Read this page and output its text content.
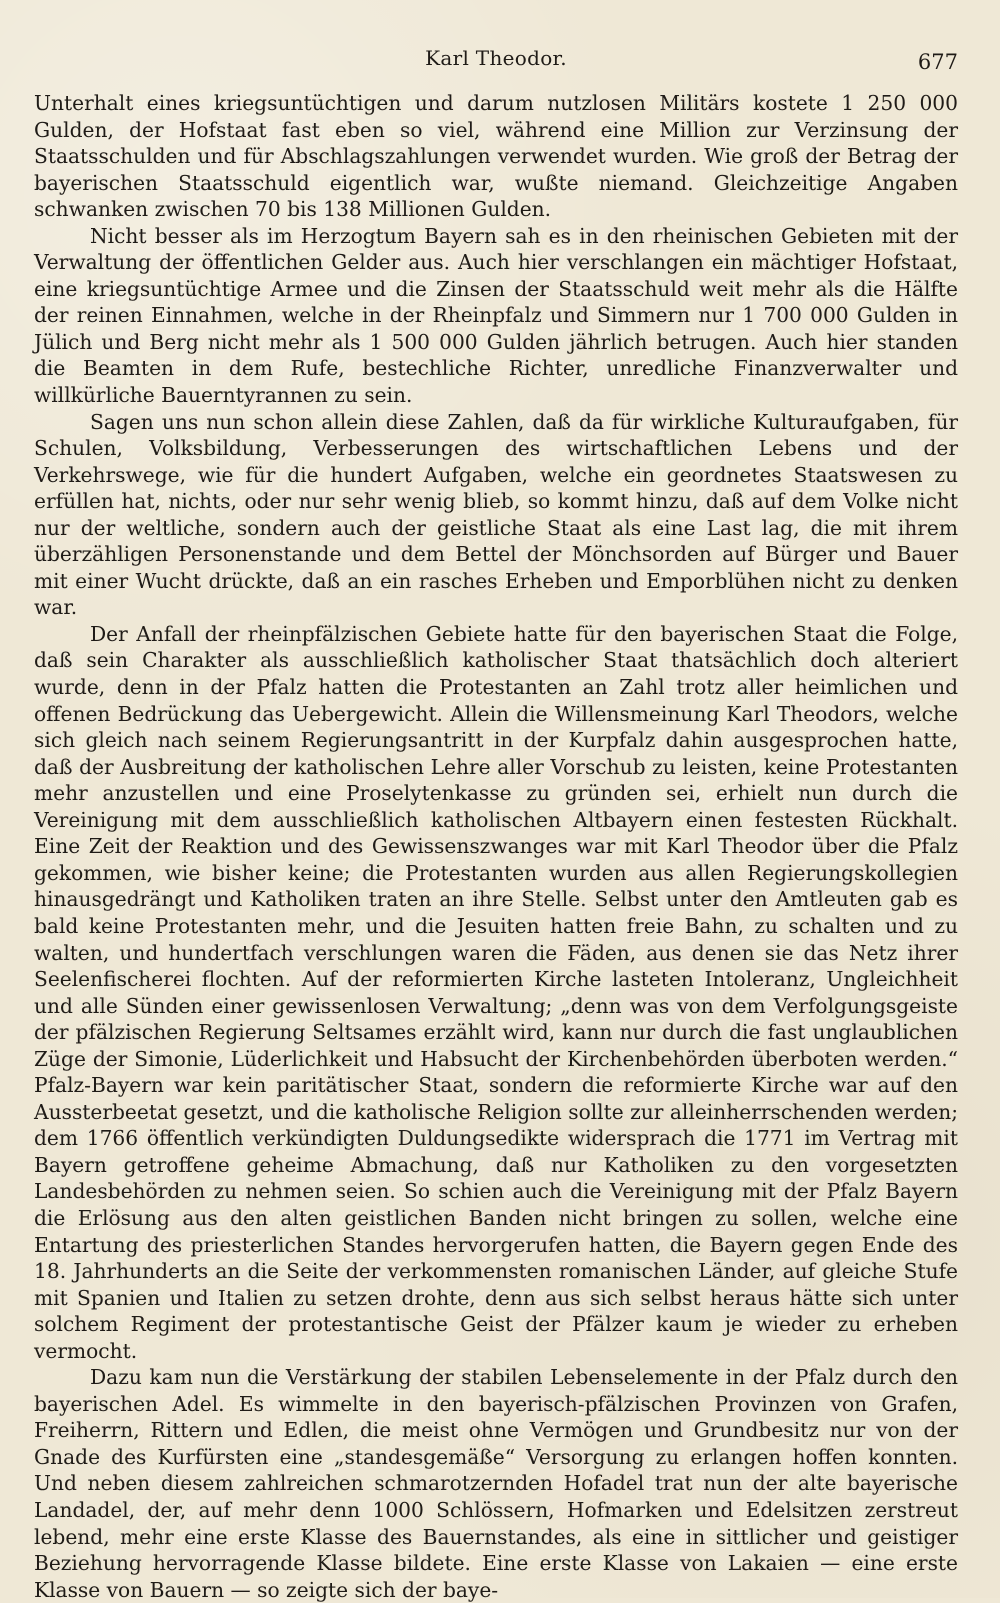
Karl Theodor.	677

Unterhalt eines kriegsuntüchtigen und darum nutzlosen Militärs kostete 1 250 000 Gulden, der Hofstaat fast eben so viel, während eine Million zur Verzinsung der Staatsschulden und für Abschlagszahlungen verwendet wurden. Wie groß der Betrag der bayerischen Staatsschuld eigentlich war, wußte niemand. Gleichzeitige Angaben schwanken zwischen 70 bis 138 Millionen Gulden.

Nicht besser als im Herzogtum Bayern sah es in den rheinischen Gebieten mit der Verwaltung der öffentlichen Gelder aus. Auch hier verschlangen ein mächtiger Hofstaat, eine kriegsuntüchtige Armee und die Zinsen der Staatsschuld weit mehr als die Hälfte der reinen Einnahmen, welche in der Rheinpfalz und Simmern nur 1 700 000 Gulden in Jülich und Berg nicht mehr als 1 500 000 Gulden jährlich betrugen. Auch hier standen die Beamten in dem Rufe, bestechliche Richter, unredliche Finanzverwalter und willkürliche Bauerntyrannen zu sein.

Sagen uns nun schon allein diese Zahlen, daß da für wirkliche Kulturaufgaben, für Schulen, Volksbildung, Verbesserungen des wirtschaftlichen Lebens und der Verkehrswege, wie für die hundert Aufgaben, welche ein geordnetes Staatswesen zu erfüllen hat, nichts, oder nur sehr wenig blieb, so kommt hinzu, daß auf dem Volke nicht nur der weltliche, sondern auch der geistliche Staat als eine Last lag, die mit ihrem überzähligen Personenstande und dem Bettel der Mönchsorden auf Bürger und Bauer mit einer Wucht drückte, daß an ein rasches Erheben und Emporblühen nicht zu denken war.

Der Anfall der rheinpfälzischen Gebiete hatte für den bayerischen Staat die Folge, daß sein Charakter als ausschließlich katholischer Staat thatsächlich doch alteriert wurde, denn in der Pfalz hatten die Protestanten an Zahl trotz aller heimlichen und offenen Bedrückung das Uebergewicht. Allein die Willensmeinung Karl Theodors, welche sich gleich nach seinem Regierungsantritt in der Kurpfalz dahin ausgesprochen hatte, daß der Ausbreitung der katholischen Lehre aller Vorschub zu leisten, keine Protestanten mehr anzustellen und eine Proselytenkasse zu gründen sei, erhielt nun durch die Vereinigung mit dem ausschließlich katholischen Altbayern einen festesten Rückhalt. Eine Zeit der Reaktion und des Gewissenszwanges war mit Karl Theodor über die Pfalz gekommen, wie bisher keine; die Protestanten wurden aus allen Regierungskollegien hinausgedrängt und Katholiken traten an ihre Stelle. Selbst unter den Amtleuten gab es bald keine Protestanten mehr, und die Jesuiten hatten freie Bahn, zu schalten und zu walten, und hundertfach verschlungen waren die Fäden, aus denen sie das Netz ihrer Seelenfischerei flochten. Auf der reformierten Kirche lasteten Intoleranz, Ungleichheit und alle Sünden einer gewissenlosen Verwaltung; „denn was von dem Verfolgungsgeiste der pfälzischen Regierung Seltsames erzählt wird, kann nur durch die fast unglaublichen Züge der Simonie, Lüderlichkeit und Habsucht der Kirchenbehörden überboten werden.“ Pfalz-Bayern war kein paritätischer Staat, sondern die reformierte Kirche war auf den Aussterbeetat gesetzt, und die katholische Religion sollte zur alleinherrschenden werden; dem 1766 öffentlich verkündigten Duldungsedikte widersprach die 1771 im Vertrag mit Bayern getroffene geheime Abmachung, daß nur Katholiken zu den vorgesetzten Landesbehörden zu nehmen seien. So schien auch die Vereinigung mit der Pfalz Bayern die Erlösung aus den alten geistlichen Banden nicht bringen zu sollen, welche eine Entartung des priesterlichen Standes hervorgerufen hatten, die Bayern gegen Ende des 18. Jahrhunderts an die Seite der verkommensten romanischen Länder, auf gleiche Stufe mit Spanien und Italien zu setzen drohte, denn aus sich selbst heraus hätte sich unter solchem Regiment der protestantische Geist der Pfälzer kaum je wieder zu erheben vermocht.

Dazu kam nun die Verstärkung der stabilen Lebenselemente in der Pfalz durch den bayerischen Adel. Es wimmelte in den bayerisch-pfälzischen Provinzen von Grafen, Freiherrn, Rittern und Edlen, die meist ohne Vermögen und Grundbesitz nur von der Gnade des Kurfürsten eine „standesgemäße“ Versorgung zu erlangen hoffen konnten. Und neben diesem zahlreichen schmarotzernden Hofadel trat nun der alte bayerische Landadel, der, auf mehr denn 1000 Schlössern, Hofmarken und Edelsitzen zerstreut lebend, mehr eine erste Klasse des Bauernstandes, als eine in sittlicher und geistiger Beziehung hervorragende Klasse bildete. Eine erste Klasse von Lakaien — eine erste Klasse von Bauern — so zeigte sich der baye-
